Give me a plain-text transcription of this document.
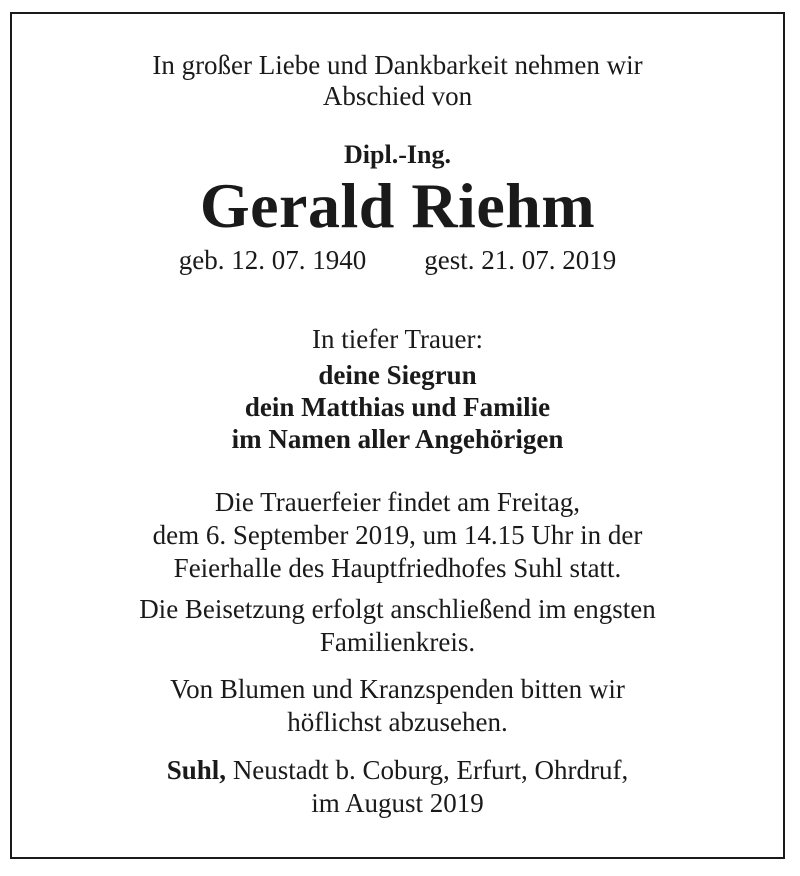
In großer Liebe und Dankbarkeit nehmen wir
Abschied von
Dipl.-Ing.
Gerald Riehm
geb. 12. 07. 1940 gest. 21. 07. 2019
In tiefer Trauer:
deine Siegrun
dein Matthias und Familie
im Namen aller Angehörigen
Die Trauerfeier findet am Freitag,
dem 6. September 2019, um 14.15 Uhr in der
Feierhalle des Hauptfriedhofes Suhl statt.
Die Beisetzung erfolgt anschließend im engsten
Familienkreis.
Von Blumen und Kranzspenden bitten wir
höflichst abzusehen.
Suhl, Neustadt b. Coburg, Erfurt, Ohrdruf,
im August 2019
